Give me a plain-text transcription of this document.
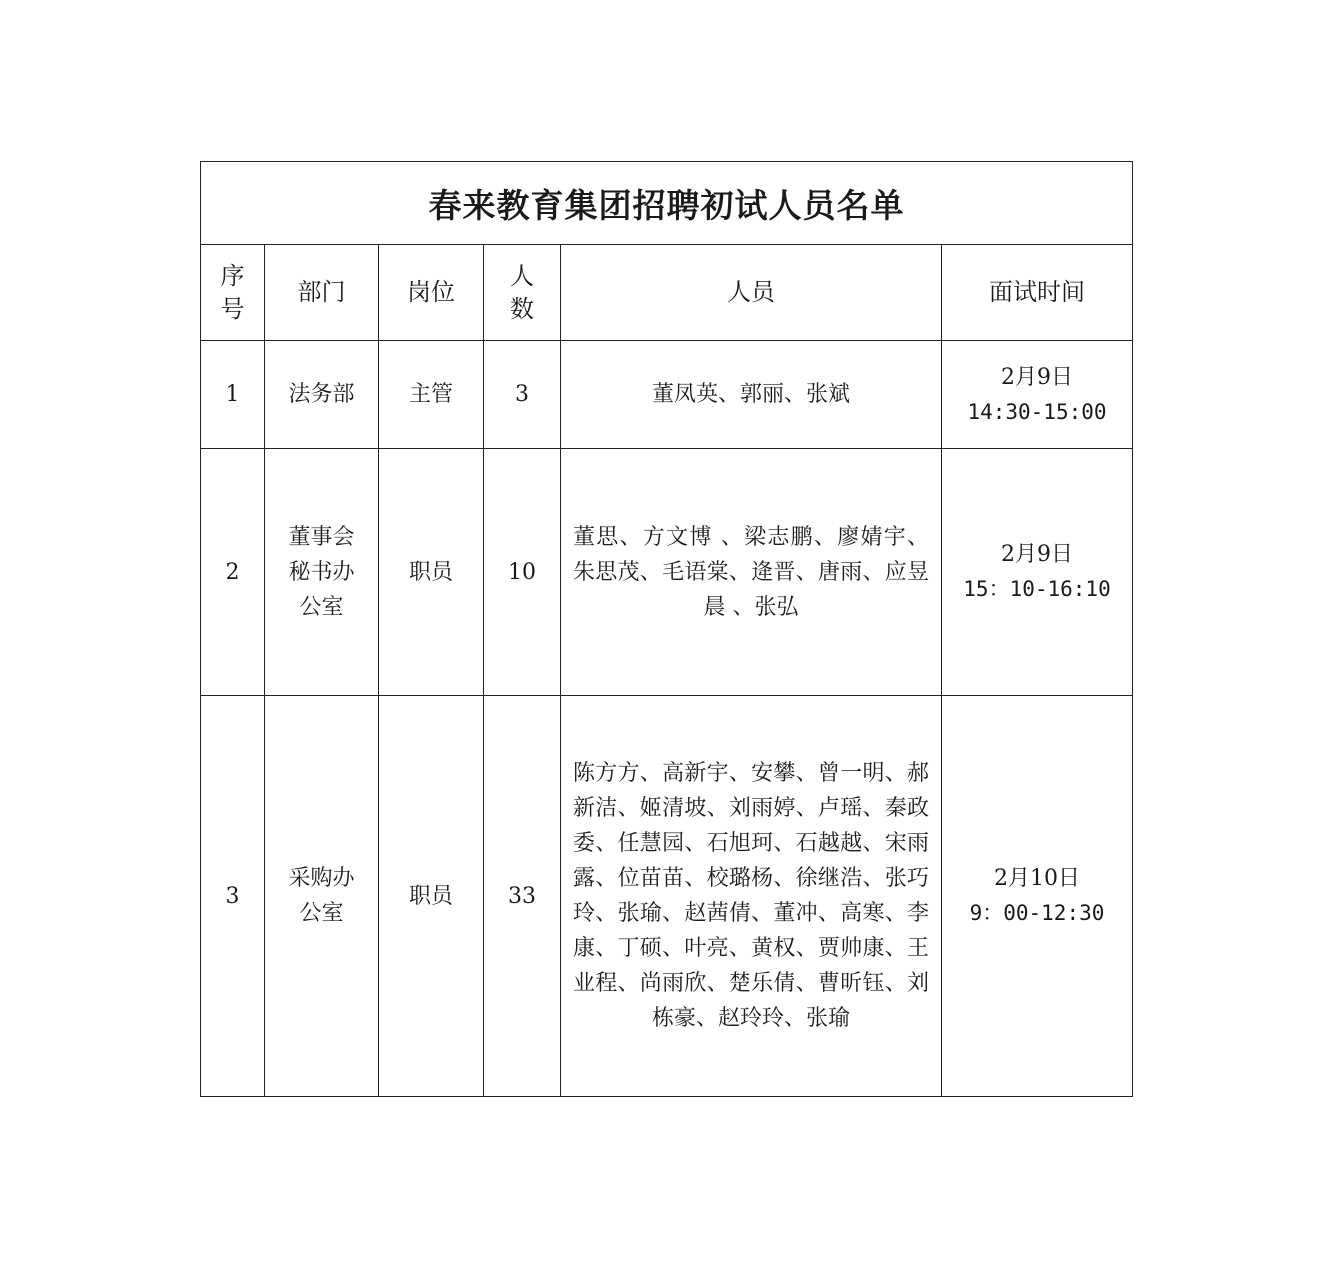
春来教育集团招聘初试人员名单					
序号	部门	岗位	人数	人员	面试时间
1	法务部	主管	3	董凤英、郭丽、张斌	2月9日
14:30-15:00

2	董事会秘书办公室	职员	10	董思、方文博 、梁志鹏、廖婧宇、朱思茂、毛语棠、逄晋、唐雨、应昱晨 、张弘	2月9日
15：10-16:10

3	采购办公室	职员	33	陈方方、高新宇、安攀、曾一明、郝新洁、姬清坡、刘雨婷、卢瑶、秦政委、任慧园、石旭珂、石越越、宋雨露、位苗苗、校璐杨、徐继浩、张巧玲、张瑜、赵茜倩、董冲、高寒、李康、丁硕、叶亮、黄权、贾帅康、王业程、尚雨欣、楚乐倩、曹昕钰、刘栋豪、赵玲玲、张瑜	2月10日
9：00-12:30
